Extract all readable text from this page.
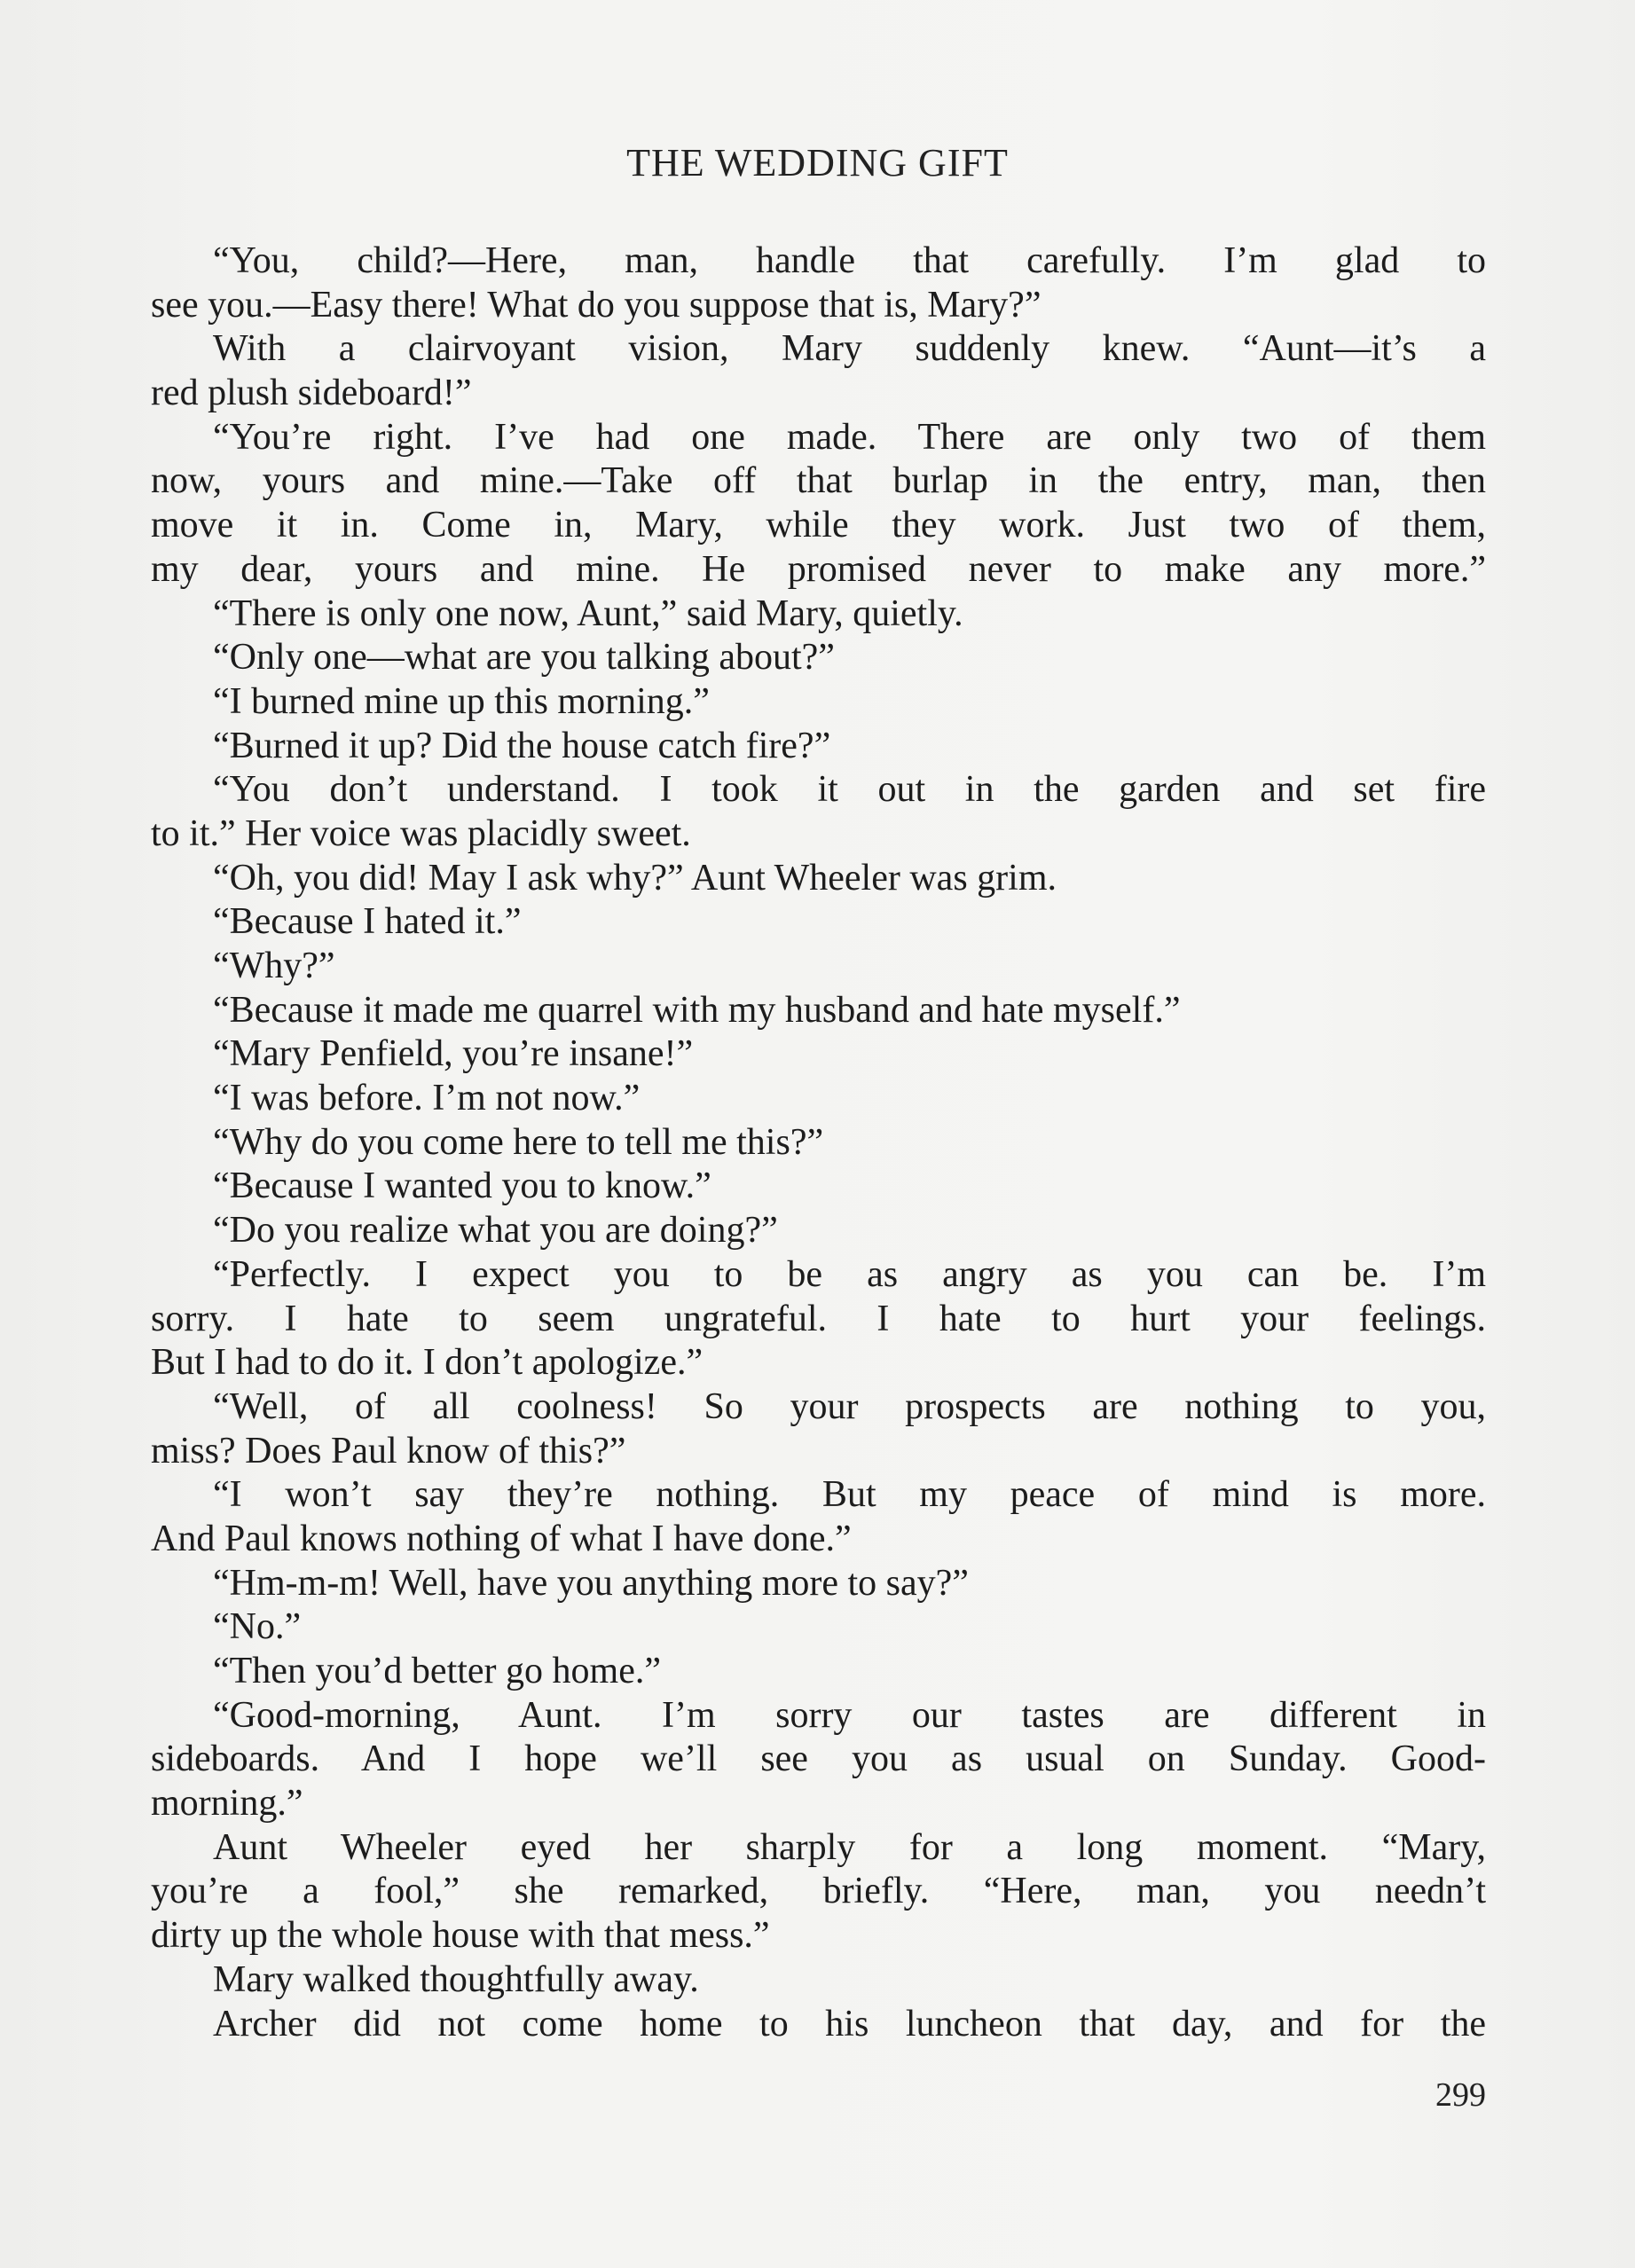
THE WEDDING GIFT
“You, child?—Here, man, handle that carefully. I’m glad to
see you.—Easy there! What do you suppose that is, Mary?”
With a clairvoyant vision, Mary suddenly knew. “Aunt—it’s a
red plush sideboard!”
“You’re right. I’ve had one made. There are only two of them
now, yours and mine.—Take off that burlap in the entry, man, then
move it in. Come in, Mary, while they work. Just two of them,
my dear, yours and mine. He promised never to make any more.”
“There is only one now, Aunt,” said Mary, quietly.
“Only one—what are you talking about?”
“I burned mine up this morning.”
“Burned it up? Did the house catch fire?”
“You don’t understand. I took it out in the garden and set fire
to it.” Her voice was placidly sweet.
“Oh, you did! May I ask why?” Aunt Wheeler was grim.
“Because I hated it.”
“Why?”
“Because it made me quarrel with my husband and hate myself.”
“Mary Penfield, you’re insane!”
“I was before. I’m not now.”
“Why do you come here to tell me this?”
“Because I wanted you to know.”
“Do you realize what you are doing?”
“Perfectly. I expect you to be as angry as you can be. I’m
sorry. I hate to seem ungrateful. I hate to hurt your feelings.
But I had to do it. I don’t apologize.”
“Well, of all coolness! So your prospects are nothing to you,
miss? Does Paul know of this?”
“I won’t say they’re nothing. But my peace of mind is more.
And Paul knows nothing of what I have done.”
“Hm-m-m! Well, have you anything more to say?”
“No.”
“Then you’d better go home.”
“Good-morning, Aunt. I’m sorry our tastes are different in
sideboards. And I hope we’ll see you as usual on Sunday. Good-
morning.”
Aunt Wheeler eyed her sharply for a long moment. “Mary,
you’re a fool,” she remarked, briefly. “Here, man, you needn’t
dirty up the whole house with that mess.”
Mary walked thoughtfully away.
Archer did not come home to his luncheon that day, and for the
299
